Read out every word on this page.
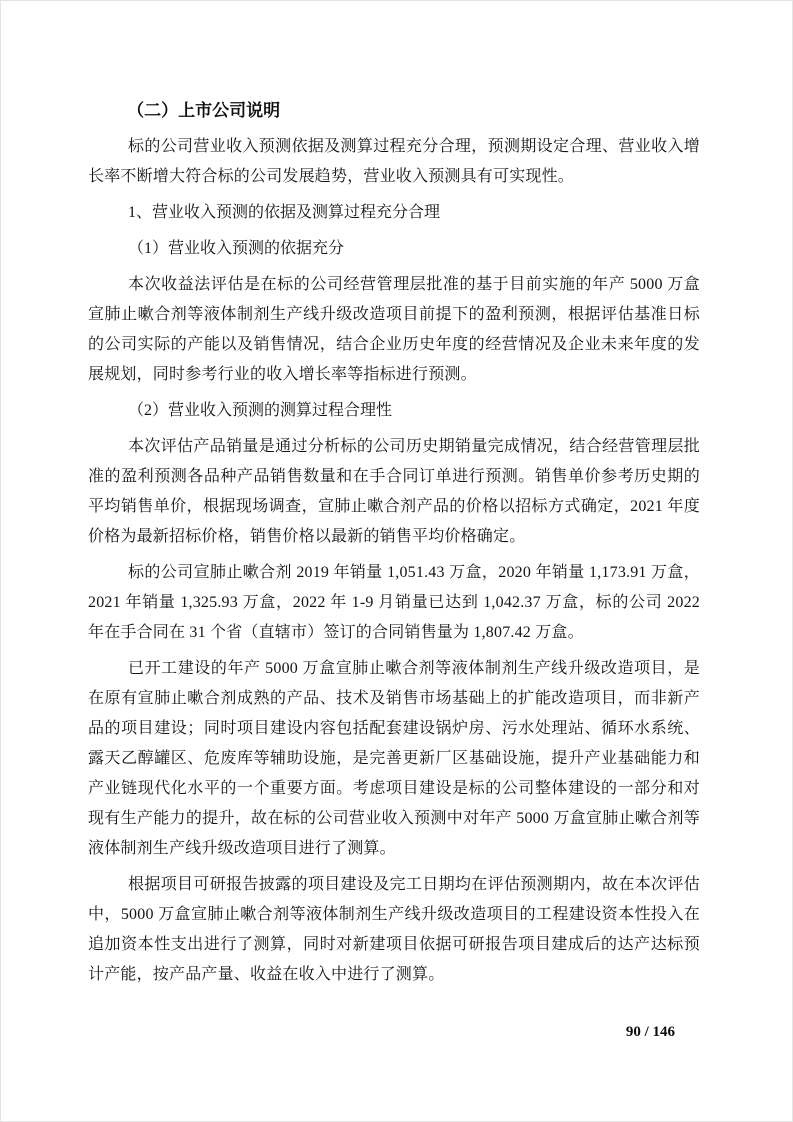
（二）上市公司说明

标的公司营业收入预测依据及测算过程充分合理，预测期设定合理、营业收入增长率不断增大符合标的公司发展趋势，营业收入预测具有可实现性。

1、营业收入预测的依据及测算过程充分合理

（1）营业收入预测的依据充分

本次收益法评估是在标的公司经营管理层批准的基于目前实施的年产 5000 万盒宣肺止嗽合剂等液体制剂生产线升级改造项目前提下的盈利预测，根据评估基准日标的公司实际的产能以及销售情况，结合企业历史年度的经营情况及企业未来年度的发展规划，同时参考行业的收入增长率等指标进行预测。

（2）营业收入预测的测算过程合理性

本次评估产品销量是通过分析标的公司历史期销量完成情况，结合经营管理层批准的盈利预测各品种产品销售数量和在手合同订单进行预测。销售单价参考历史期的平均销售单价，根据现场调查，宣肺止嗽合剂产品的价格以招标方式确定，2021 年度价格为最新招标价格，销售价格以最新的销售平均价格确定。

标的公司宣肺止嗽合剂 2019 年销量 1,051.43 万盒，2020 年销量 1,173.91 万盒，2021 年销量 1,325.93 万盒，2022 年 1-9 月销量已达到 1,042.37 万盒，标的公司 2022 年在手合同在 31 个省（直辖市）签订的合同销售量为 1,807.42 万盒。

已开工建设的年产 5000 万盒宣肺止嗽合剂等液体制剂生产线升级改造项目，是在原有宣肺止嗽合剂成熟的产品、技术及销售市场基础上的扩能改造项目，而非新产品的项目建设；同时项目建设内容包括配套建设锅炉房、污水处理站、循环水系统、露天乙醇罐区、危废库等辅助设施，是完善更新厂区基础设施，提升产业基础能力和产业链现代化水平的一个重要方面。考虑项目建设是标的公司整体建设的一部分和对现有生产能力的提升，故在标的公司营业收入预测中对年产 5000 万盒宣肺止嗽合剂等液体制剂生产线升级改造项目进行了测算。

根据项目可研报告披露的项目建设及完工日期均在评估预测期内，故在本次评估中，5000 万盒宣肺止嗽合剂等液体制剂生产线升级改造项目的工程建设资本性投入在追加资本性支出进行了测算，同时对新建项目依据可研报告项目建成后的达产达标预计产能，按产品产量、收益在收入中进行了测算。

90 / 146
